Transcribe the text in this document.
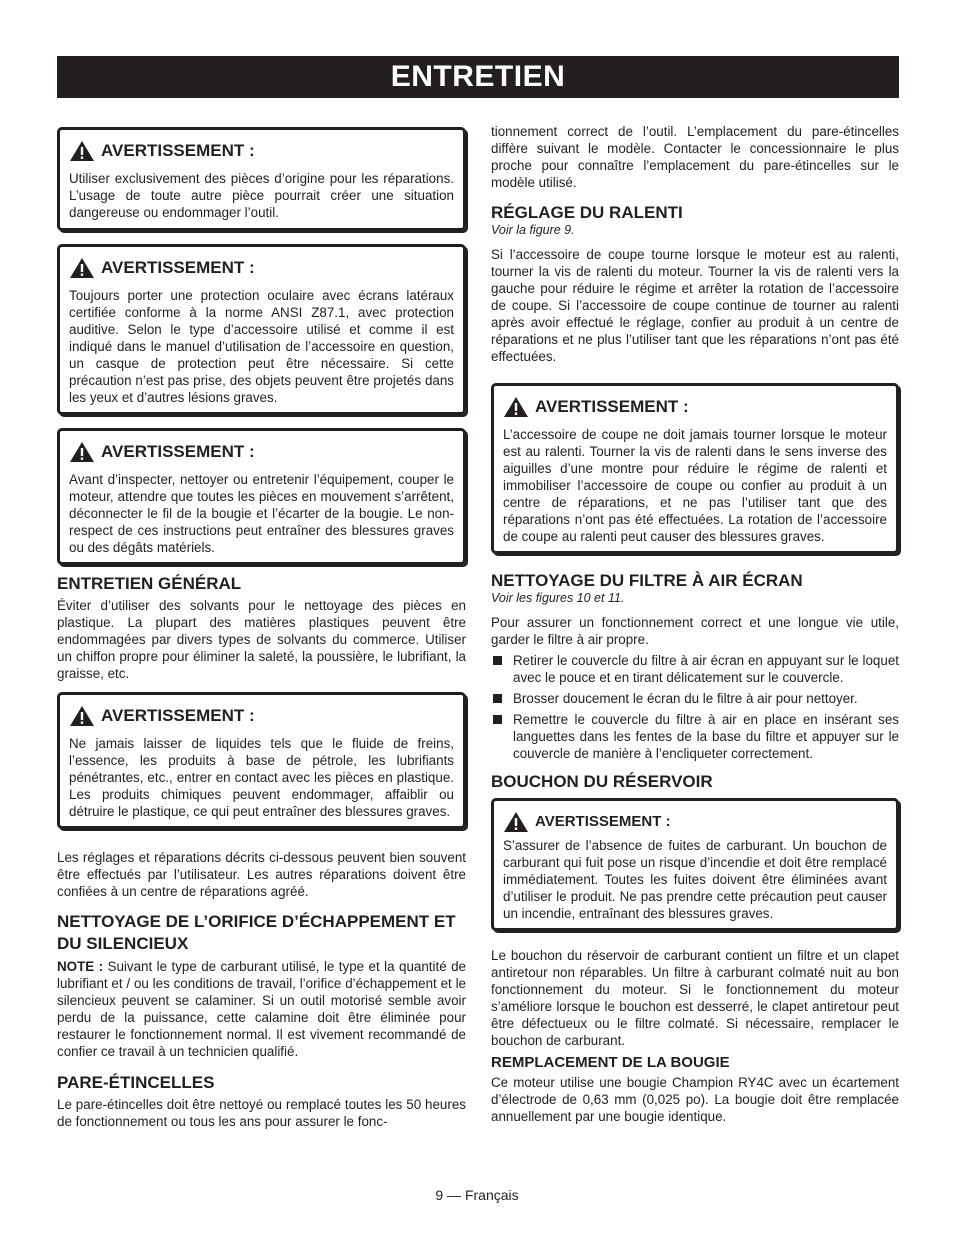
ENTRETIEN
AVERTISSEMENT :

Utiliser exclusivement des pièces d’origine pour les réparations. L’usage de toute autre pièce pourrait créer une situation dangereuse ou endommager l’outil.

AVERTISSEMENT :

Toujours porter une protection oculaire avec écrans latéraux certifiée conforme à la norme ANSI Z87.1, avec protection auditive. Selon le type d’accessoire utilisé et comme il est indiqué dans le manuel d’utilisation de l’accessoire en question, un casque de protection peut être nécessaire. Si cette précaution n’est pas prise, des objets peuvent être projetés dans les yeux et d’autres lésions graves.

AVERTISSEMENT :

Avant d’inspecter, nettoyer ou entretenir l’équipement, couper le moteur, attendre que toutes les pièces en mouvement s’arrêtent, déconnecter le fil de la bougie et l’écarter de la bougie. Le non-respect de ces instructions peut entraîner des blessures graves ou des dégâts matériels.

ENTRETIEN GÉNÉRAL

Éviter d’utiliser des solvants pour le nettoyage des pièces en plastique. La plupart des matières plastiques peuvent être endommagées par divers types de solvants du commerce. Utiliser un chiffon propre pour éliminer la saleté, la poussière, le lubrifiant, la graisse, etc.

AVERTISSEMENT :

Ne jamais laisser de liquides tels que le fluide de freins, l’essence, les produits à base de pétrole, les lubrifiants pénétrantes, etc., entrer en contact avec les pièces en plastique. Les produits chimiques peuvent endommager, affaiblir ou détruire le plastique, ce qui peut entraîner des blessures graves.

Les réglages et réparations décrits ci-dessous peuvent bien souvent être effectués par l’utilisateur. Les autres réparations doivent être confiées à un centre de réparations agréé.

NETTOYAGE DE L’ORIFICE D’ÉCHAPPEMENT ET DU SILENCIEUX

NOTE : Suivant le type de carburant utilisé, le type et la quantité de lubrifiant et / ou les conditions de travail, l’orifice d’échappement et le silencieux peuvent se calaminer. Si un outil motorisé semble avoir perdu de la puissance, cette calamine doit être éliminée pour restaurer le fonctionnement normal. Il est vivement recommandé de confier ce travail à un technicien qualifié.

PARE-ÉTINCELLES

Le pare-étincelles doit être nettoyé ou remplacé toutes les 50 heures de fonctionnement ou tous les ans pour assurer le fonc-

tionnement correct de l’outil. L’emplacement du pare-étincelles diffère suivant le modèle. Contacter le concessionnaire le plus proche pour connaître l’emplacement du pare-étincelles sur le modèle utilisé.

RÉGLAGE DU RALENTI

Voir la figure 9.

Si l’accessoire de coupe tourne lorsque le moteur est au ralenti, tourner la vis de ralenti du moteur. Tourner la vis de ralenti vers la gauche pour réduire le régime et arrêter la rotation de l’accessoire de coupe. Si l’accessoire de coupe continue de tourner au ralenti après avoir effectué le réglage, confier au produit à un centre de réparations et ne plus l’utiliser tant que les réparations n’ont pas été effectuées.

AVERTISSEMENT :

L’accessoire de coupe ne doit jamais tourner lorsque le moteur est au ralenti. Tourner la vis de ralenti dans le sens inverse des aiguilles d’une montre pour réduire le régime de ralenti et immobiliser l’accessoire de coupe ou confier au produit à un centre de réparations, et ne pas l’utiliser tant que des réparations n’ont pas été effectuées. La rotation de l’accessoire de coupe au ralenti peut causer des blessures graves.

NETTOYAGE DU FILTRE À AIR ÉCRAN

Voir les figures 10 et 11.

Pour assurer un fonctionnement correct et une longue vie utile, garder le filtre à air propre.

Retirer le couvercle du filtre à air écran en appuyant sur le loquet avec le pouce et en tirant délicatement sur le couvercle.
Brosser doucement le écran du le filtre à air pour nettoyer.
Remettre le couvercle du filtre à air en place en insérant ses languettes dans les fentes de la base du filtre et appuyer sur le couvercle de manière à l’encliqueter correctement.
BOUCHON DU RÉSERVOIR
AVERTISSEMENT :

S’assurer de l’absence de fuites de carburant. Un bouchon de carburant qui fuit pose un risque d’incendie et doit être remplacé immédiatement. Toutes les fuites doivent être éliminées avant d’utiliser le produit. Ne pas prendre cette précaution peut causer un incendie, entraînant des blessures graves.

Le bouchon du réservoir de carburant contient un filtre et un clapet antiretour non réparables. Un filtre à carburant colmaté nuit au bon fonctionnement du moteur. Si le fonctionnement du moteur s’améliore lorsque le bouchon est desserré, le clapet antiretour peut être défectueux ou le filtre colmaté. Si nécessaire, remplacer le bouchon de carburant.

REMPLACEMENT DE LA BOUGIE

Ce moteur utilise une bougie Champion RY4C avec un écartement d’électrode de 0,63 mm (0,025 po). La bougie doit être remplacée annuellement par une bougie identique.

9 — Français
